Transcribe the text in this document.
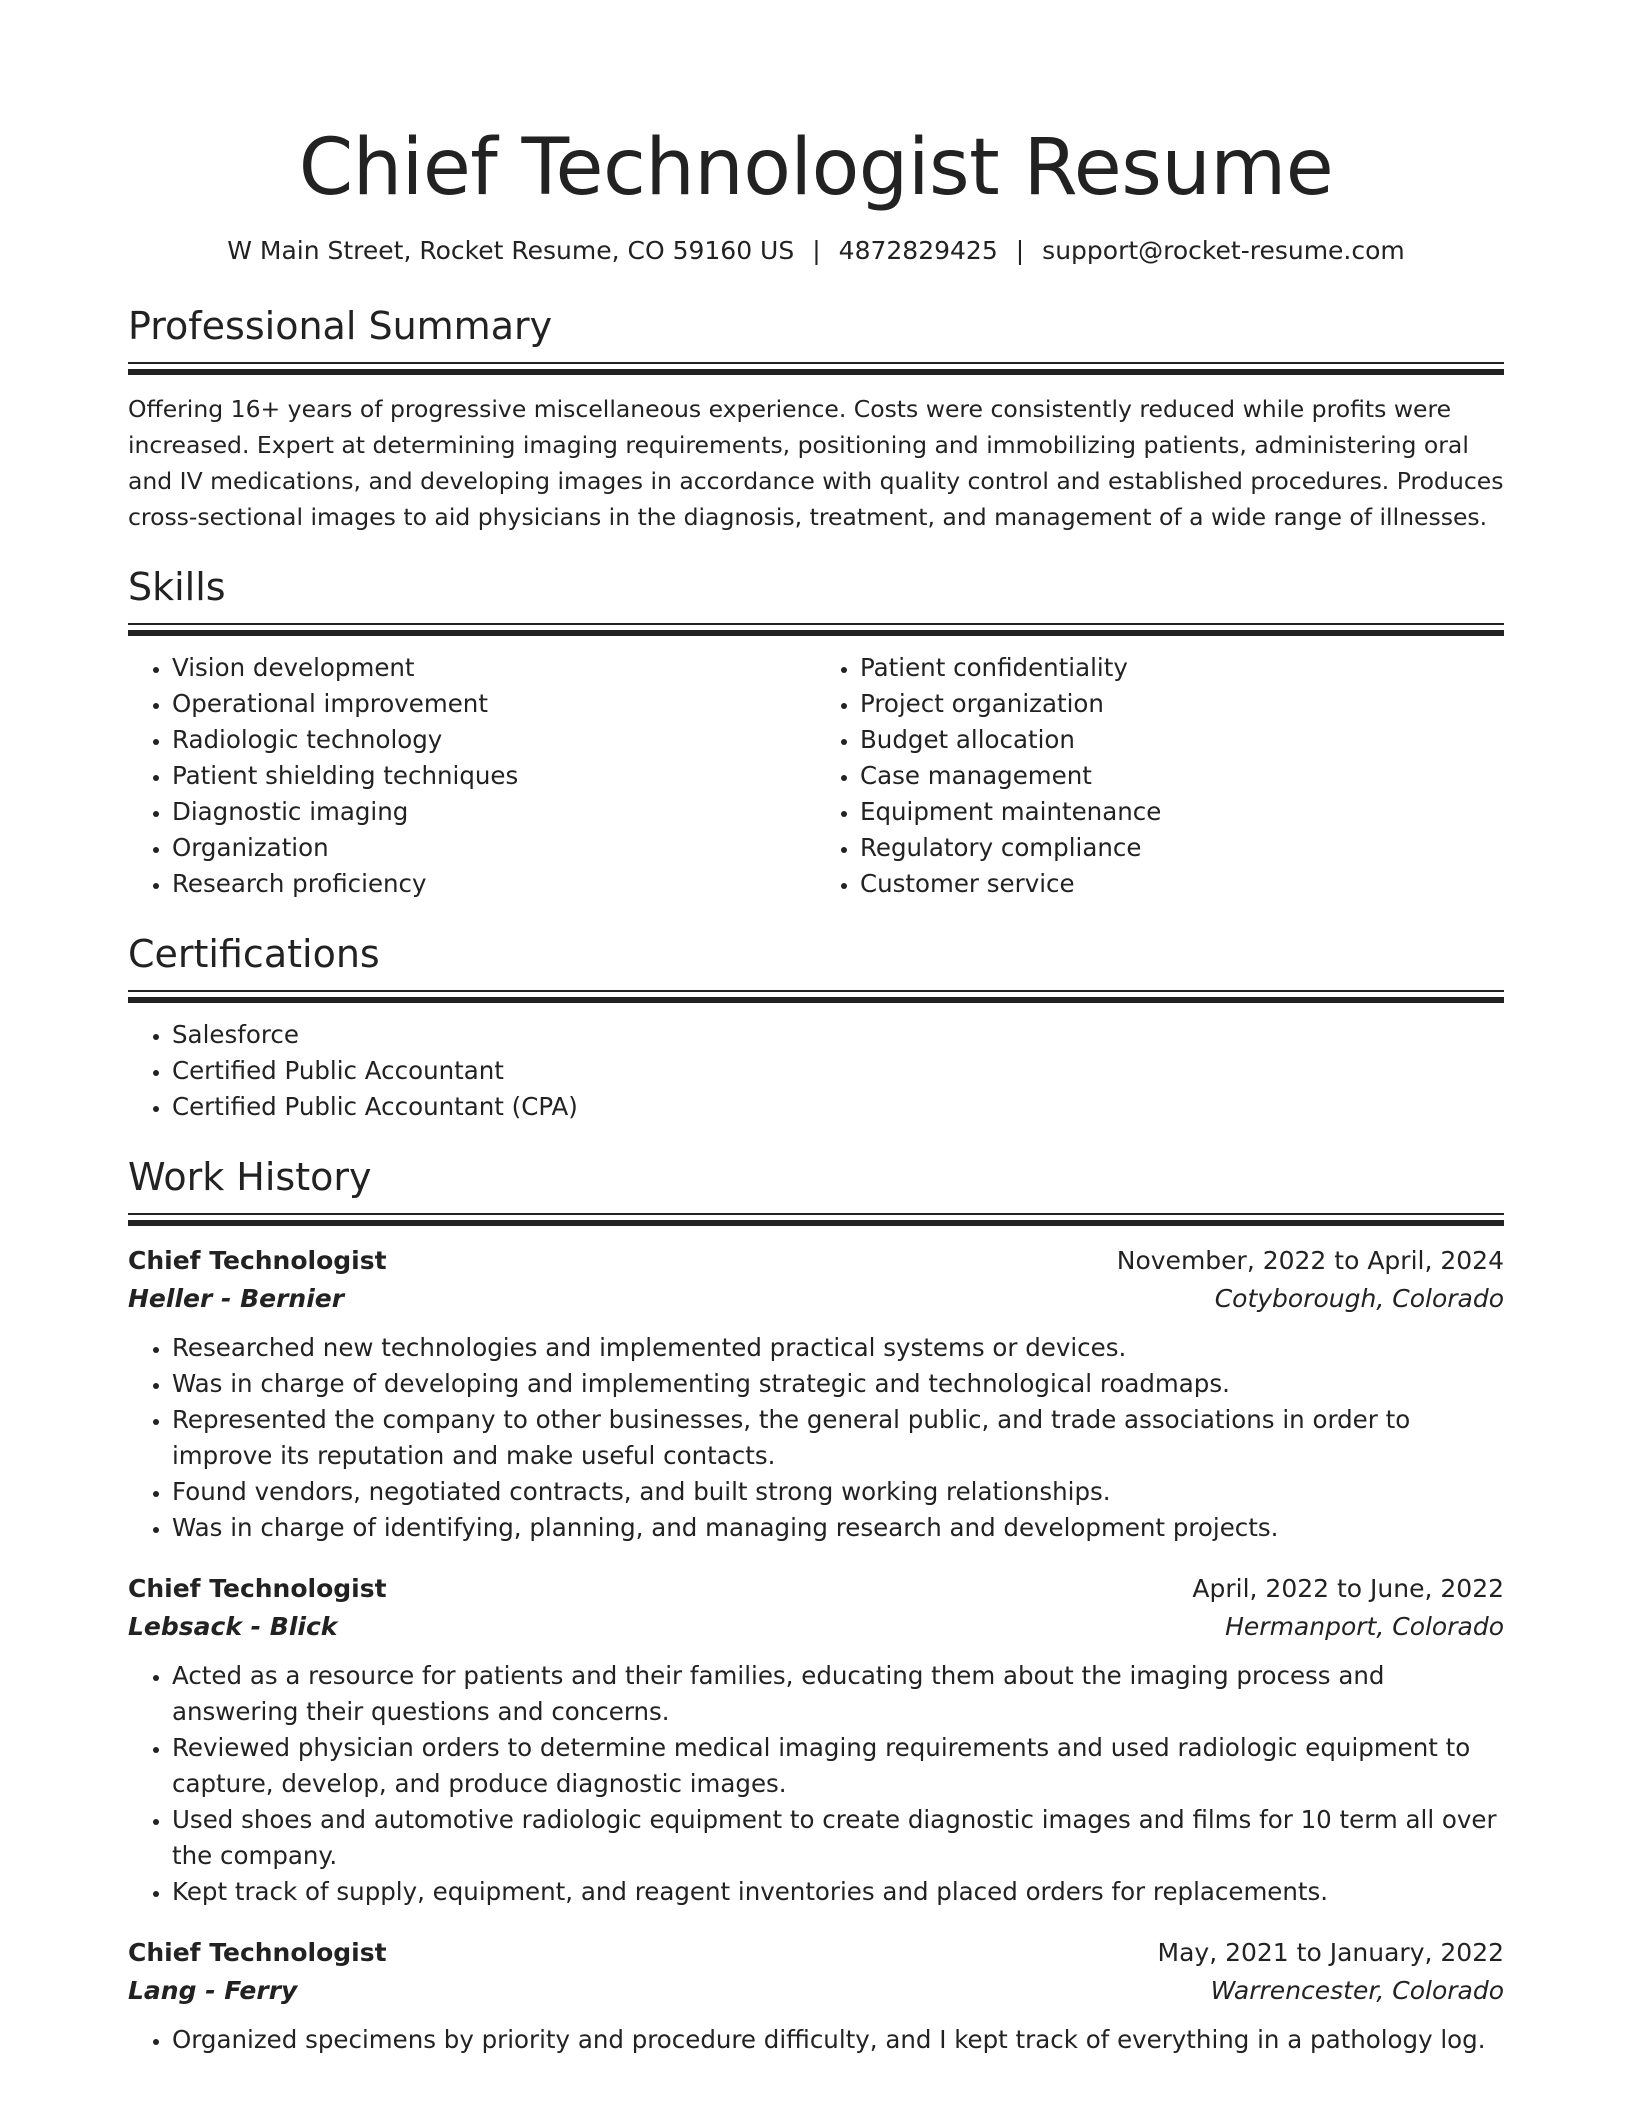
Chief Technologist Resume
W Main Street, Rocket Resume, CO 59160 US | 4872829425 | support@rocket-resume.com
Professional Summary
Offering 16+ years of progressive miscellaneous experience. Costs were consistently reduced while profits were increased. Expert at determining imaging requirements, positioning and immobilizing patients, administering oral and IV medications, and developing images in accordance with quality control and established procedures. Produces cross-sectional images to aid physicians in the diagnosis, treatment, and management of a wide range of illnesses.
Skills
• Vision development
• Operational improvement
• Radiologic technology
• Patient shielding techniques
• Diagnostic imaging
• Organization
• Research proficiency
• Patient confidentiality
• Project organization
• Budget allocation
• Case management
• Equipment maintenance
• Regulatory compliance
• Customer service
Certifications
• Salesforce
• Certified Public Accountant
• Certified Public Accountant (CPA)
Work History
Chief Technologist	November, 2022 to April, 2024
Heller - Bernier	Cotyborough, Colorado
• Researched new technologies and implemented practical systems or devices.
• Was in charge of developing and implementing strategic and technological roadmaps.
• Represented the company to other businesses, the general public, and trade associations in order to improve its reputation and make useful contacts.
• Found vendors, negotiated contracts, and built strong working relationships.
• Was in charge of identifying, planning, and managing research and development projects.
Chief Technologist	April, 2022 to June, 2022
Lebsack - Blick	Hermanport, Colorado
• Acted as a resource for patients and their families, educating them about the imaging process and answering their questions and concerns.
• Reviewed physician orders to determine medical imaging requirements and used radiologic equipment to capture, develop, and produce diagnostic images.
• Used shoes and automotive radiologic equipment to create diagnostic images and films for 10 term all over the company.
• Kept track of supply, equipment, and reagent inventories and placed orders for replacements.
Chief Technologist	May, 2021 to January, 2022
Lang - Ferry	Warrencester, Colorado
• Organized specimens by priority and procedure difficulty, and I kept track of everything in a pathology log.
